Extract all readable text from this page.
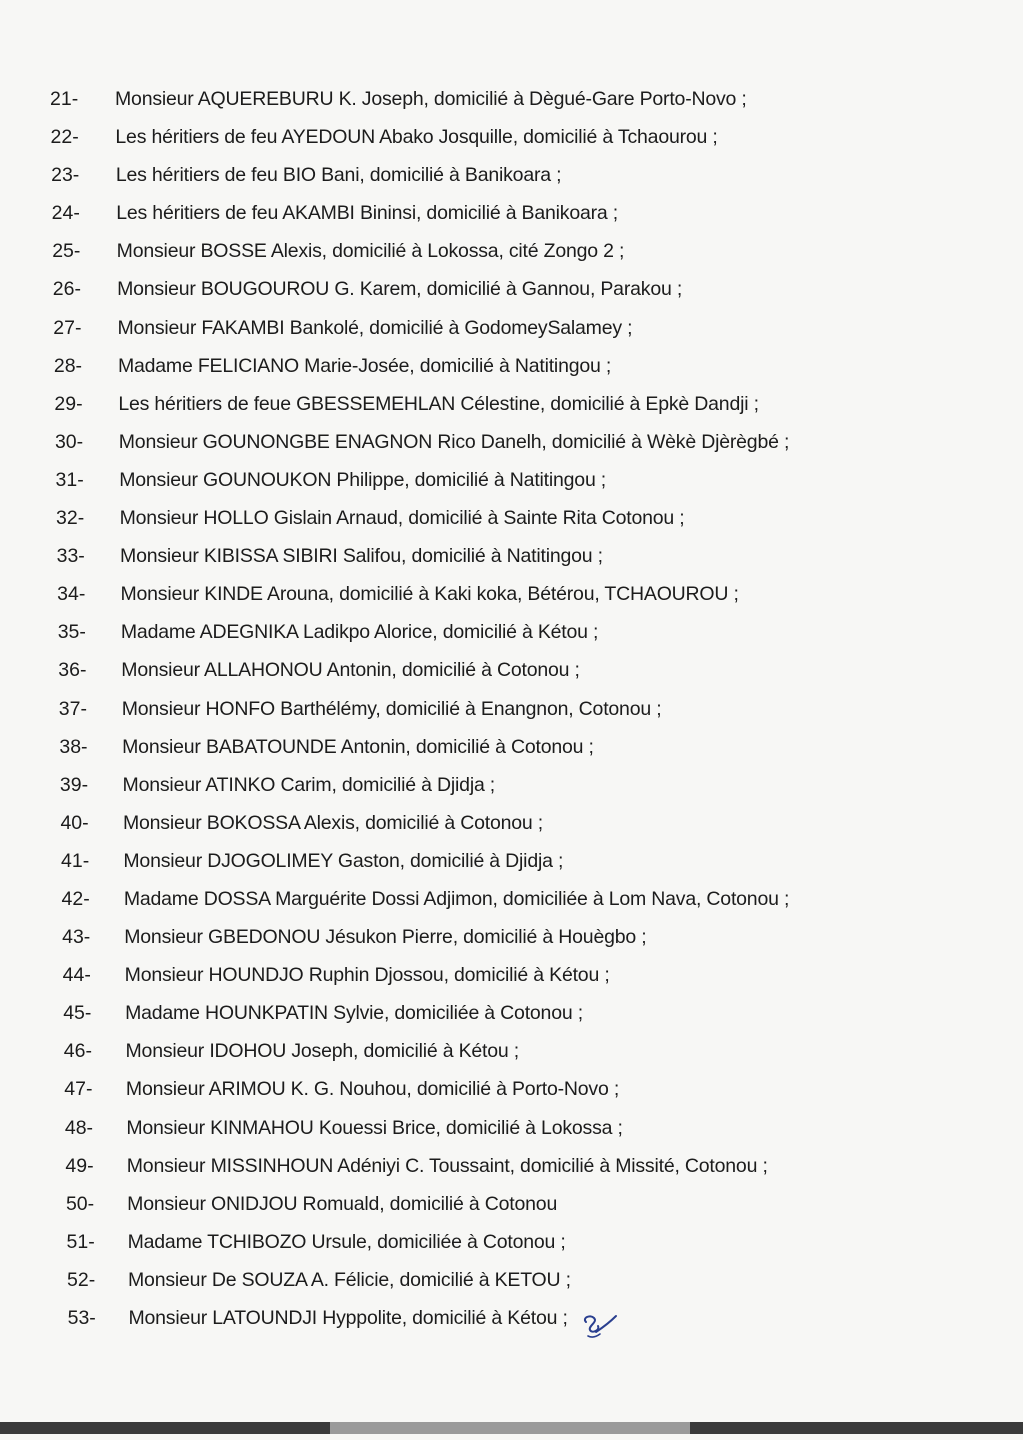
21-	Monsieur AQUEREBURU K. Joseph, domicilié à Dègué-Gare Porto-Novo ;
22-	Les héritiers de feu AYEDOUN Abako Josquille, domicilié à Tchaourou ;
23-	Les héritiers de feu BIO Bani, domicilié à Banikoara ;
24-	Les héritiers de feu AKAMBI Bininsi, domicilié à Banikoara ;
25-	Monsieur BOSSE Alexis, domicilié à Lokossa, cité Zongo 2 ;
26-	Monsieur BOUGOUROU G. Karem, domicilié à Gannou, Parakou ;
27-	Monsieur FAKAMBI Bankolé, domicilié à GodomeySalamey ;
28-	Madame FELICIANO Marie-Josée, domicilié à Natitingou ;
29-	Les héritiers de feue GBESSEMEHLAN Célestine, domicilié à Epkè Dandji ;
30-	Monsieur GOUNONGBE ENAGNON Rico Danelh, domicilié à Wèkè Djèrègbé ;
31-	Monsieur GOUNOUKON Philippe, domicilié à Natitingou ;
32-	Monsieur HOLLO Gislain Arnaud, domicilié à Sainte Rita Cotonou ;
33-	Monsieur KIBISSA SIBIRI Salifou, domicilié à Natitingou ;
34-	Monsieur KINDE Arouna, domicilié à Kaki koka, Bétérou, TCHAOUROU ;
35-	Madame ADEGNIKA Ladikpo Alorice, domicilié à Kétou ;
36-	Monsieur ALLAHONOU Antonin, domicilié à Cotonou ;
37-	Monsieur HONFO Barthélémy, domicilié à Enangnon, Cotonou ;
38-	Monsieur BABATOUNDE Antonin, domicilié à Cotonou ;
39-	Monsieur ATINKO Carim, domicilié à Djidja ;
40-	Monsieur BOKOSSA Alexis, domicilié à Cotonou ;
41-	Monsieur DJOGOLIMEY Gaston, domicilié à Djidja ;
42-	Madame DOSSA Marguérite Dossi Adjimon, domiciliée à Lom Nava, Cotonou ;
43-	Monsieur GBEDONOU Jésukon Pierre, domicilié à Houègbo ;
44-	Monsieur HOUNDJO Ruphin Djossou, domicilié à Kétou ;
45-	Madame HOUNKPATIN Sylvie, domiciliée à Cotonou ;
46-	Monsieur IDOHOU Joseph, domicilié à Kétou ;
47-	Monsieur ARIMOU K. G. Nouhou, domicilié à Porto-Novo ;
48-	Monsieur KINMAHOU Kouessi Brice, domicilié à Lokossa ;
49-	Monsieur MISSINHOUN Adéniyi C. Toussaint, domicilié à Missité, Cotonou ;
50-	Monsieur ONIDJOU Romuald, domicilié à Cotonou
51-	Madame TCHIBOZO Ursule, domiciliée à Cotonou ;
52-	Monsieur De SOUZA A. Félicie, domicilié à KETOU ;
53-	Monsieur LATOUNDJI Hyppolite, domicilié à Kétou ;
